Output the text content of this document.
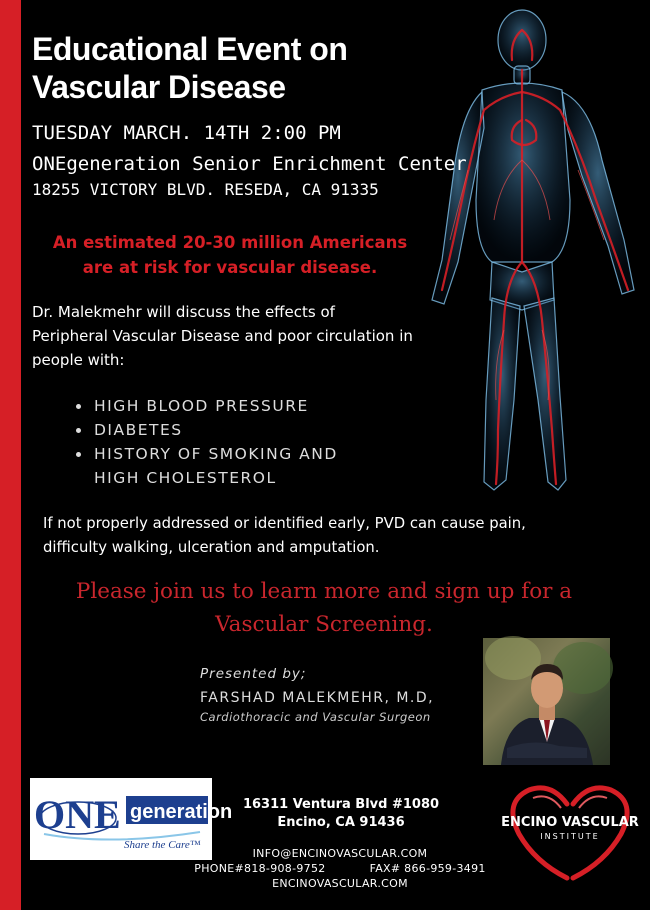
Educational Event on
Vascular Disease
TUESDAY MARCH. 14TH 2:00 PM
ONEgeneration Senior Enrichment Center
18255 VICTORY BLVD. RESEDA, CA 91335
An estimated 20-30 million Americans
are at risk for vascular disease.
Dr. Malekmehr will discuss the effects of
Peripheral Vascular Disease and poor circulation in
people with:
HIGH BLOOD PRESSURE
DIABETES
HISTORY OF SMOKING AND
HIGH CHOLESTEROL
If not properly addressed or identified early, PVD can cause pain,
difficulty walking, ulceration and amputation.
Please join us to learn more and sign up for a
Vascular Screening.
Presented by;
FARSHAD MALEKMEHR, M.D,
Cardiothoracic and Vascular Surgeon
ONE generation
Share the Care™
16311 Ventura Blvd #1080
Encino, CA 91436
INFO@ENCINOVASCULAR.COM
PHONE#818-908-9752	FAX# 866-959-3491
ENCINOVASCULAR.COM
ENCINO VASCULAR
INSTITUTE
